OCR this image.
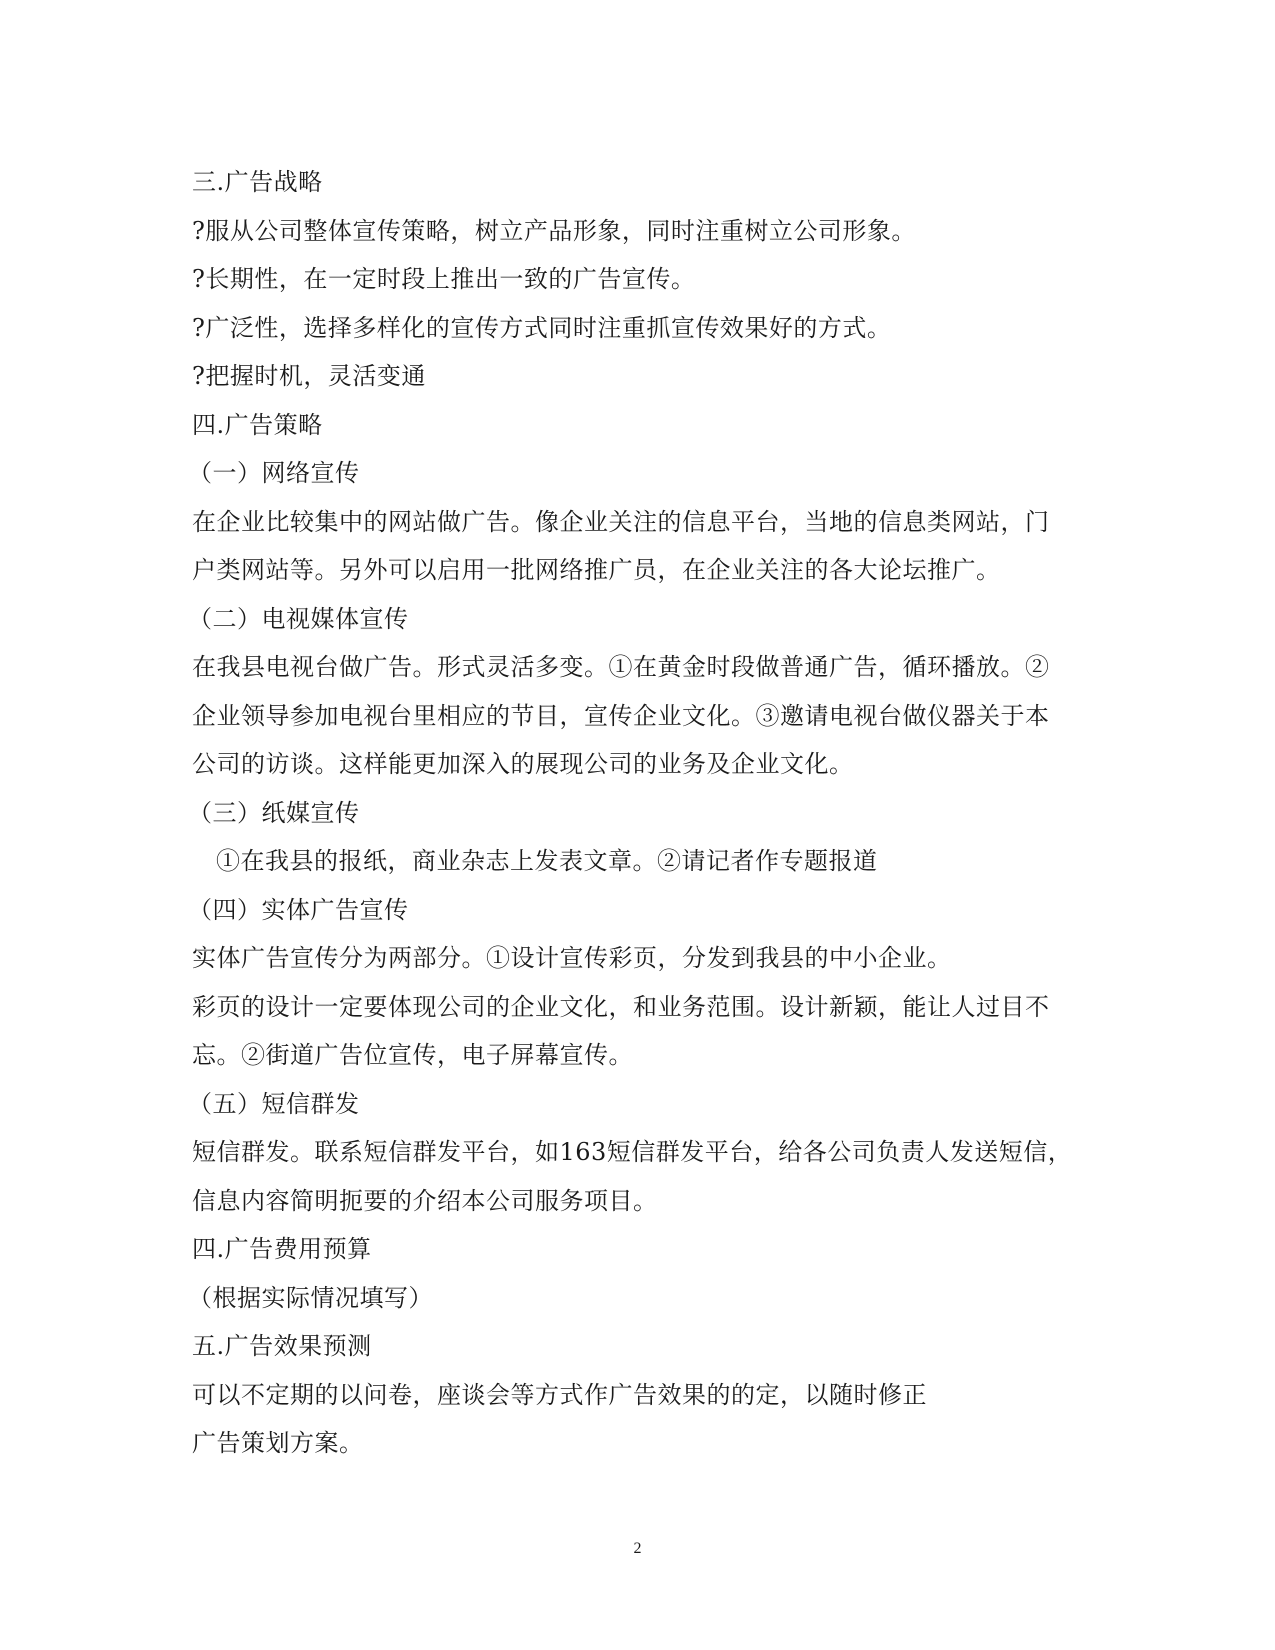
三.广告战略
?服从公司整体宣传策略，树立产品形象，同时注重树立公司形象。
?长期性，在一定时段上推出一致的广告宣传。
?广泛性，选择多样化的宣传方式同时注重抓宣传效果好的方式。
?把握时机，灵活变通
四.广告策略
（一）网络宣传
在企业比较集中的网站做广告。像企业关注的信息平台，当地的信息类网站，门
户类网站等。另外可以启用一批网络推广员，在企业关注的各大论坛推广。
（二）电视媒体宣传
在我县电视台做广告。形式灵活多变。①在黄金时段做普通广告，循环播放。②
企业领导参加电视台里相应的节目，宣传企业文化。③邀请电视台做仪器关于本
公司的访谈。这样能更加深入的展现公司的业务及企业文化。
（三）纸媒宣传
①在我县的报纸，商业杂志上发表文章。②请记者作专题报道
（四）实体广告宣传
实体广告宣传分为两部分。①设计宣传彩页，分发到我县的中小企业。
彩页的设计一定要体现公司的企业文化，和业务范围。设计新颖，能让人过目不
忘。②街道广告位宣传，电子屏幕宣传。
（五）短信群发
短信群发。联系短信群发平台，如163短信群发平台，给各公司负责人发送短信，
信息内容简明扼要的介绍本公司服务项目。
四.广告费用预算
（根据实际情况填写）
五.广告效果预测
可以不定期的以问卷，座谈会等方式作广告效果的的定，以随时修正
广告策划方案。
2
